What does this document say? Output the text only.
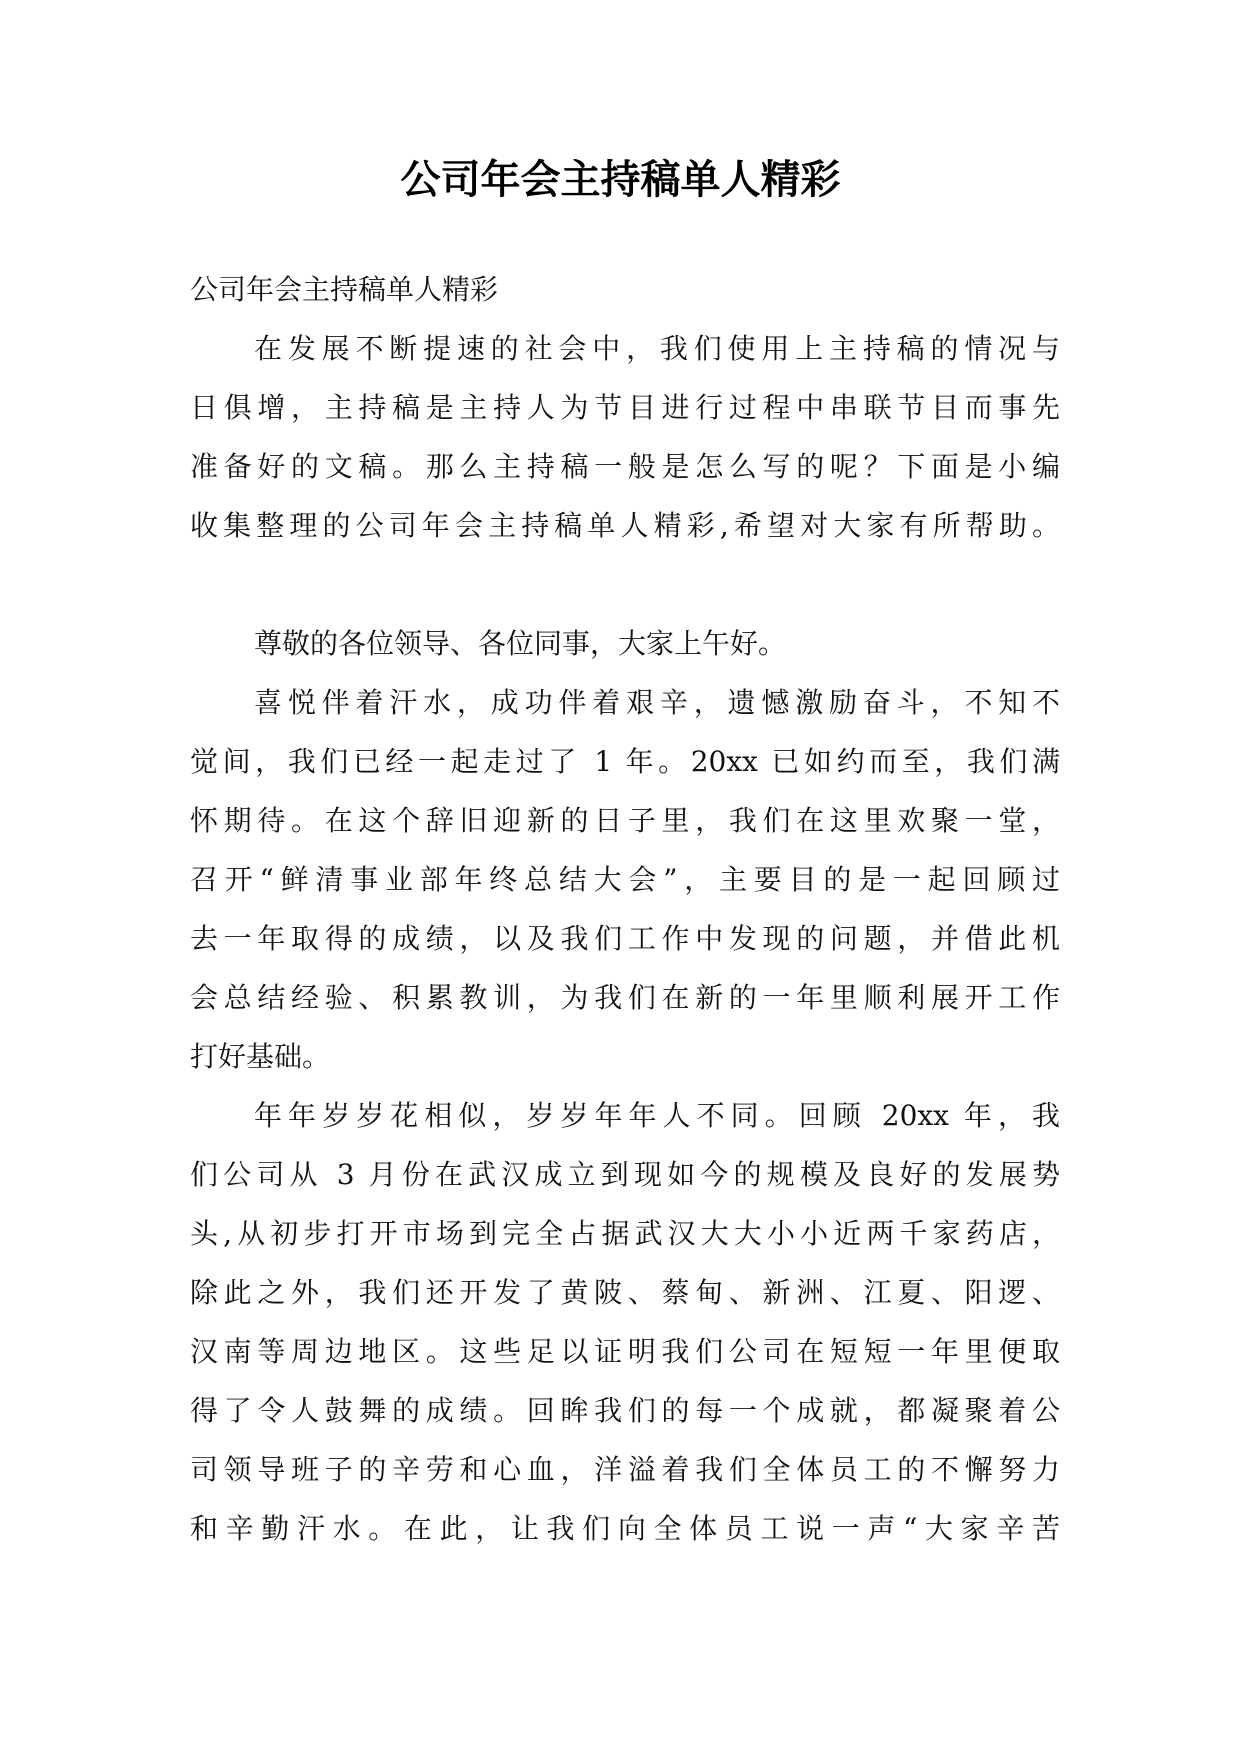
公司年会主持稿单人精彩
公司年会主持稿单人精彩
在发展不断提速的社会中，我们使用上主持稿的情况与
日俱增，主持稿是主持人为节目进行过程中串联节目而事先
准备好的文稿。那么主持稿一般是怎么写的呢？下面是小编
收集整理的公司年会主持稿单人精彩,希望对大家有所帮助。
尊敬的各位领导、各位同事，大家上午好。
喜悦伴着汗水，成功伴着艰辛，遗憾激励奋斗，不知不
觉间，我们已经一起走过了 1 年。20xx 已如约而至，我们满
怀期待。在这个辞旧迎新的日子里，我们在这里欢聚一堂，
召开“鲜清事业部年终总结大会”，主要目的是一起回顾过
去一年取得的成绩，以及我们工作中发现的问题，并借此机
会总结经验、积累教训，为我们在新的一年里顺利展开工作
打好基础。
年年岁岁花相似，岁岁年年人不同。回顾 20xx 年，我
们公司从 3 月份在武汉成立到现如今的规模及良好的发展势
头,从初步打开市场到完全占据武汉大大小小近两千家药店，
除此之外，我们还开发了黄陂、蔡甸、新洲、江夏、阳逻、
汉南等周边地区。这些足以证明我们公司在短短一年里便取
得了令人鼓舞的成绩。回眸我们的每一个成就，都凝聚着公
司领导班子的辛劳和心血，洋溢着我们全体员工的不懈努力
和辛勤汗水。在此，让我们向全体员工说一声“大家辛苦
